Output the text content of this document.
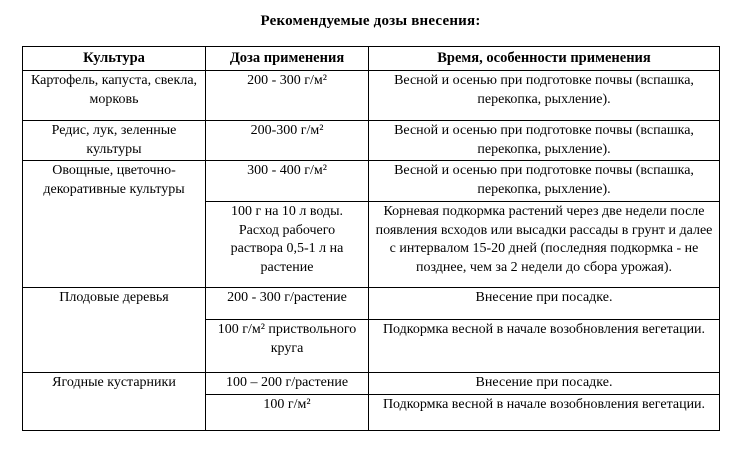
Рекомендуемые дозы внесения:
Культура	Доза применения	Время, особенности применения
Картофель, капуста, свекла, морковь	200 - 300 г/м²	Весной и осенью при подготовке почвы (вспашка, перекопка, рыхление).
Редис, лук, зеленные культуры	200-300 г/м²	Весной и осенью при подготовке почвы (вспашка, перекопка, рыхление).
Овощные, цветочно-декоративные культуры	300 - 400 г/м²	Весной и осенью при подготовке почвы (вспашка, перекопка, рыхление).
	100 г на 10 л воды. Расход рабочего раствора 0,5-1 л на растение	Корневая подкормка растений через две недели после появления всходов или высадки рассады в грунт и далее с интервалом 15-20 дней (последняя подкормка - не позднее, чем за 2 недели до сбора урожая).
Плодовые деревья	200 - 300 г/растение	Внесение при посадке.
	100 г/м² приствольного круга	Подкормка весной в начале возобновления вегетации.
Ягодные кустарники	100 – 200 г/растение	Внесение при посадке.
	100 г/м²	Подкормка весной в начале возобновления вегетации.
